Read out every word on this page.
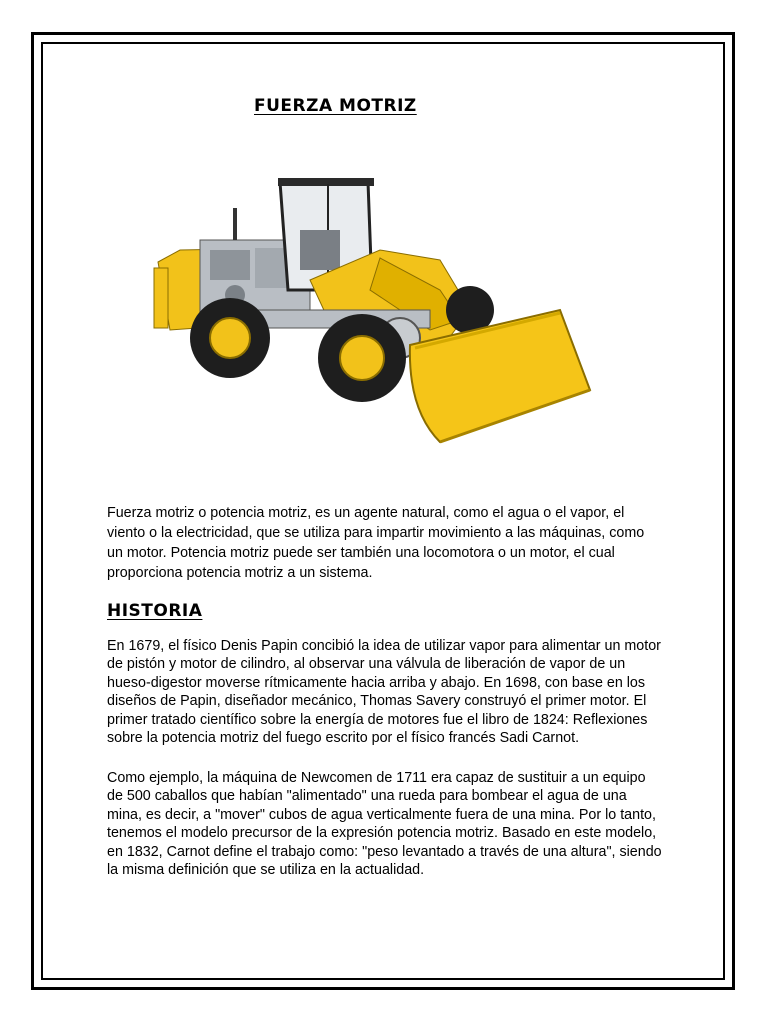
FUERZA MOTRIZ

Fuerza motriz o potencia motriz, es un agente natural, como el agua o el vapor, el viento o la electricidad, que se utiliza para impartir movimiento a las máquinas, como un motor. Potencia motriz puede ser también una locomotora o un motor, el cual proporciona potencia motriz a un sistema.

HISTORIA

En 1679, el físico Denis Papin concibió la idea de utilizar vapor para alimentar un motor de pistón y motor de cilindro, al observar una válvula de liberación de vapor de un hueso-digestor moverse rítmicamente hacia arriba y abajo. En 1698, con base en los diseños de Papin, diseñador mecánico, Thomas Savery construyó el primer motor. El primer tratado científico sobre la energía de motores fue el libro de 1824: Reflexiones sobre la potencia motriz del fuego escrito por el físico francés Sadi Carnot.

Como ejemplo, la máquina de Newcomen de 1711 era capaz de sustituir a un equipo de 500 caballos que habían "alimentado" una rueda para bombear el agua de una mina, es decir, a "mover" cubos de agua verticalmente fuera de una mina. Por lo tanto, tenemos el modelo precursor de la expresión potencia motriz. Basado en este modelo, en 1832, Carnot define el trabajo como: "peso levantado a través de una altura", siendo la misma definición que se utiliza en la actualidad.
